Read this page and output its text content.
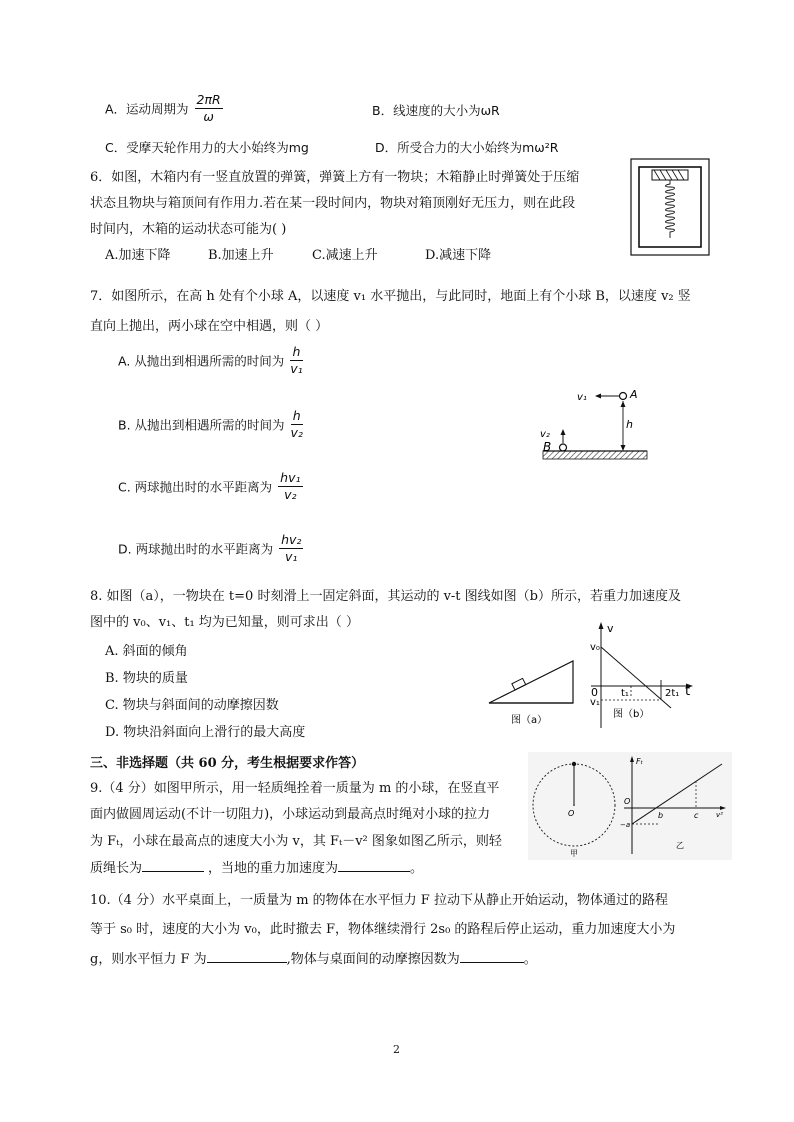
A．运动周期为 $\frac{2\pi R}{\omega}$	B．线速度的大小为ωR
C．受摩天轮作用力的大小始终为mg	D．所受合力的大小始终为mω²R
6．如图，木箱内有一竖直放置的弹簧，弹簧上方有一物块；木箱静止时弹簧处于压缩
状态且物块与箱顶间有作用力.若在某一段时间内，物块对箱顶刚好无压力，则在此段
时间内，木箱的运动状态可能为( )
A.加速下降	B.加速上升	C.减速上升	D.减速下降
7．如图所示，在高 h 处有个小球 A，以速度 v₁ 水平抛出，与此同时，地面上有个小球 B，以速度 v₂ 竖
直向上抛出，两小球在空中相遇，则（ ）
A. 从抛出到相遇所需的时间为 $\frac{h}{\text{v₁}}$
B. 从抛出到相遇所需的时间为 $\frac{h}{\text{v₂}}$
C. 两球抛出时的水平距离为 $\frac{\text{hv₁}}{\text{v₂}}$
D. 两球抛出时的水平距离为 $\frac{\text{hv₂}}{\text{v₁}}$
v₁	A
h
v₂
B
8. 如图（a），一物块在 t=0 时刻滑上一固定斜面，其运动的 v-t 图线如图（b）所示，若重力加速度及
图中的 v₀、v₁、t₁ 均为已知量，则可求出（ ）
A. 斜面的倾角
B. 物块的质量
C. 物块与斜面间的动摩擦因数
D. 物块沿斜面向上滑行的最大高度
图（a）
v
t
v₀
0 t₁	2t₁
v₁
图（b）
三、非选择题（共 60 分，考生根据要求作答）
9.（4 分）如图甲所示，用一轻质绳拴着一质量为 m 的小球，在竖直平
面内做圆周运动(不计一切阻力)，小球运动到最高点时绳对小球的拉力
为 Fₜ，小球在最高点的速度大小为 v，其 Fₜ－v² 图象如图乙所示，则轻
质绳长为	，当地的重力加速度为	。
O
甲
Fₜ
v²
O
−a
b	c
乙
10.（4 分）水平桌面上，一质量为 m 的物体在水平恒力 F 拉动下从静止开始运动，物体通过的路程
等于 s₀ 时，速度的大小为 v₀，此时撤去 F，物体继续滑行 2s₀ 的路程后停止运动，重力加速度大小为
g，则水平恒力 F 为	,物体与桌面间的动摩擦因数为	。
2
